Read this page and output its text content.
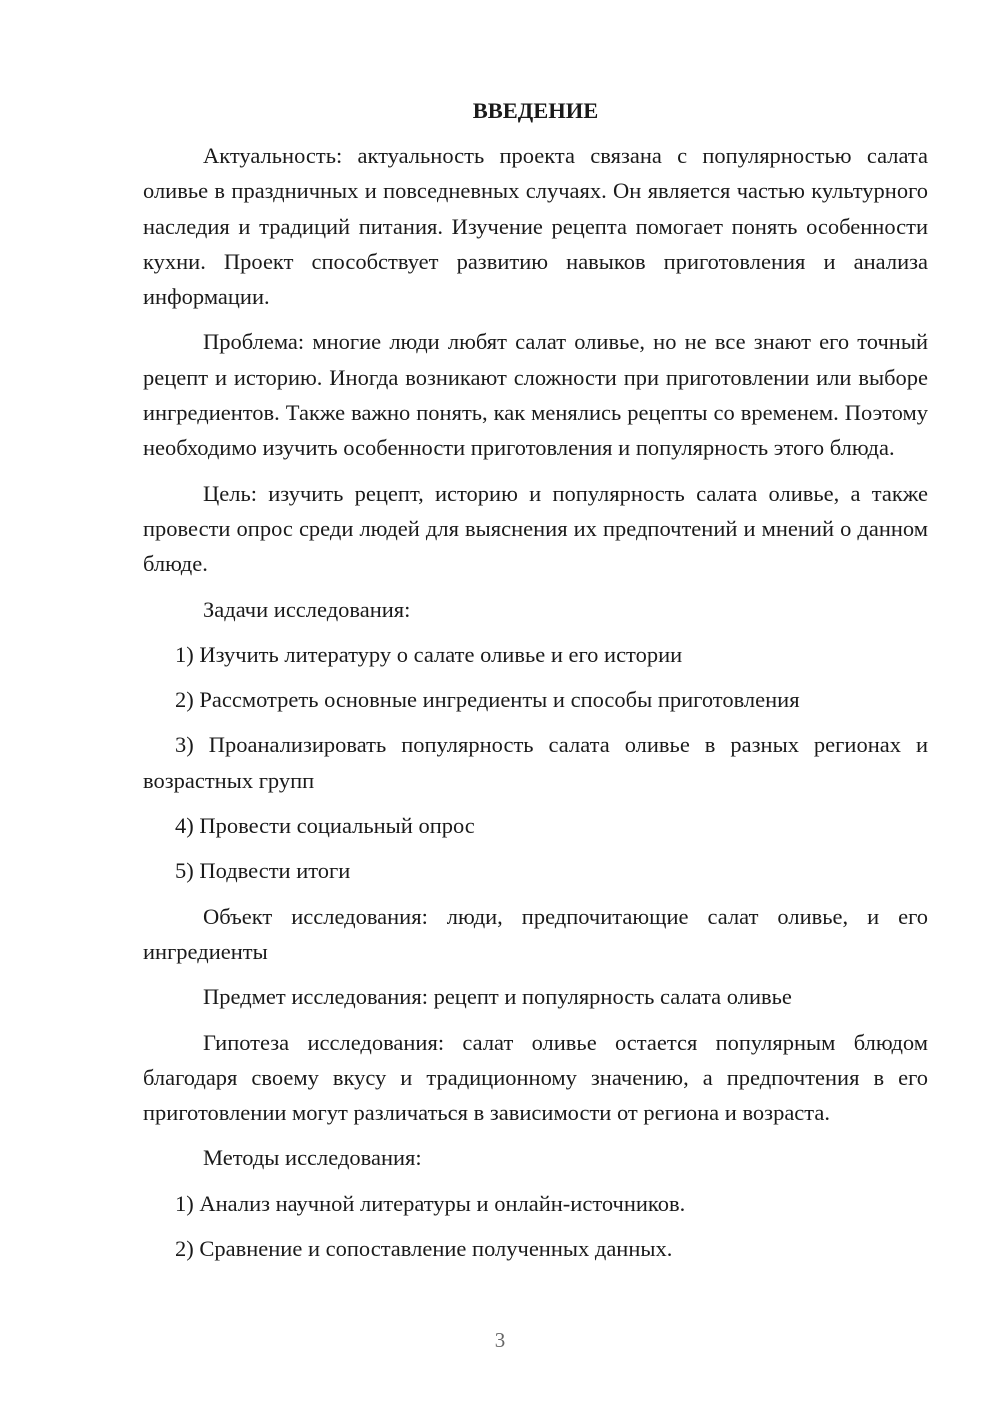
ВВЕДЕНИЕ

Актуальность: актуальность проекта связана с популярностью салата оливье в праздничных и повседневных случаях. Он является частью культурного наследия и традиций питания. Изучение рецепта помогает понять особенности кухни. Проект способствует развитию навыков приготовления и анализа информации.

Проблема: многие люди любят салат оливье, но не все знают его точный рецепт и историю. Иногда возникают сложности при приготовлении или выборе ингредиентов. Также важно понять, как менялись рецепты со временем. Поэтому необходимо изучить особенности приготовления и популярность этого блюда.

Цель: изучить рецепт, историю и популярность салата оливье, а также провести опрос среди людей для выяснения их предпочтений и мнений о данном блюде.

Задачи исследования:

1) Изучить литературу о салате оливье и его истории

2) Рассмотреть основные ингредиенты и способы приготовления

3) Проанализировать популярность салата оливье в разных регионах и возрастных групп

4) Провести социальный опрос

5) Подвести итоги

Объект исследования: люди, предпочитающие салат оливье, и его ингредиенты

Предмет исследования: рецепт и популярность салата оливье

Гипотеза исследования: салат оливье остается популярным блюдом благодаря своему вкусу и традиционному значению, а предпочтения в его приготовлении могут различаться в зависимости от региона и возраста.

Методы исследования:

1) Анализ научной литературы и онлайн-источников.

2) Сравнение и сопоставление полученных данных.

3
